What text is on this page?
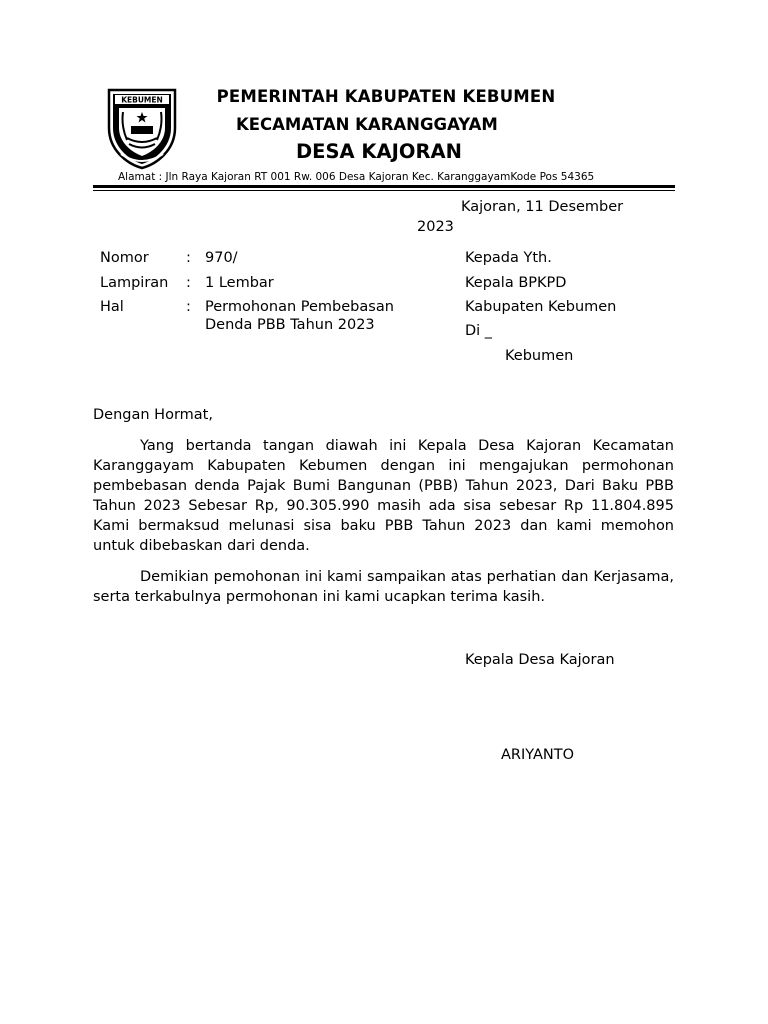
KEBUMEN	PEMERINTAH KABUPATEN KEBUMEN
KECAMATAN KARANGGAYAM
DESA KAJORAN
Alamat : Jln Raya Kajoran RT 001 Rw. 006 Desa Kajoran Kec. KaranggayamKode Pos 54365
Kajoran, 11 Desember
2023
Nomor	: 970/
Lampiran : 1 Lembar
Hal	: Permohonan Pembebasan
Denda PBB Tahun 2023
Kepada Yth.
Kepala BPKPD
Kabupaten Kebumen
Di _
Kebumen
Dengan Hormat,
Yang bertanda tangan diawah ini Kepala Desa Kajoran Kecamatan Karanggayam Kabupaten Kebumen dengan ini mengajukan permohonan pembebasan denda Pajak Bumi Bangunan (PBB) Tahun 2023, Dari Baku PBB Tahun 2023 Sebesar Rp, 90.305.990 masih ada sisa sebesar Rp 11.804.895 Kami bermaksud melunasi sisa baku PBB Tahun 2023 dan kami memohon untuk dibebaskan dari denda.
Demikian pemohonan ini kami sampaikan atas perhatian dan Kerjasama, serta terkabulnya permohonan ini kami ucapkan terima kasih.
Kepala Desa Kajoran
ARIYANTO
